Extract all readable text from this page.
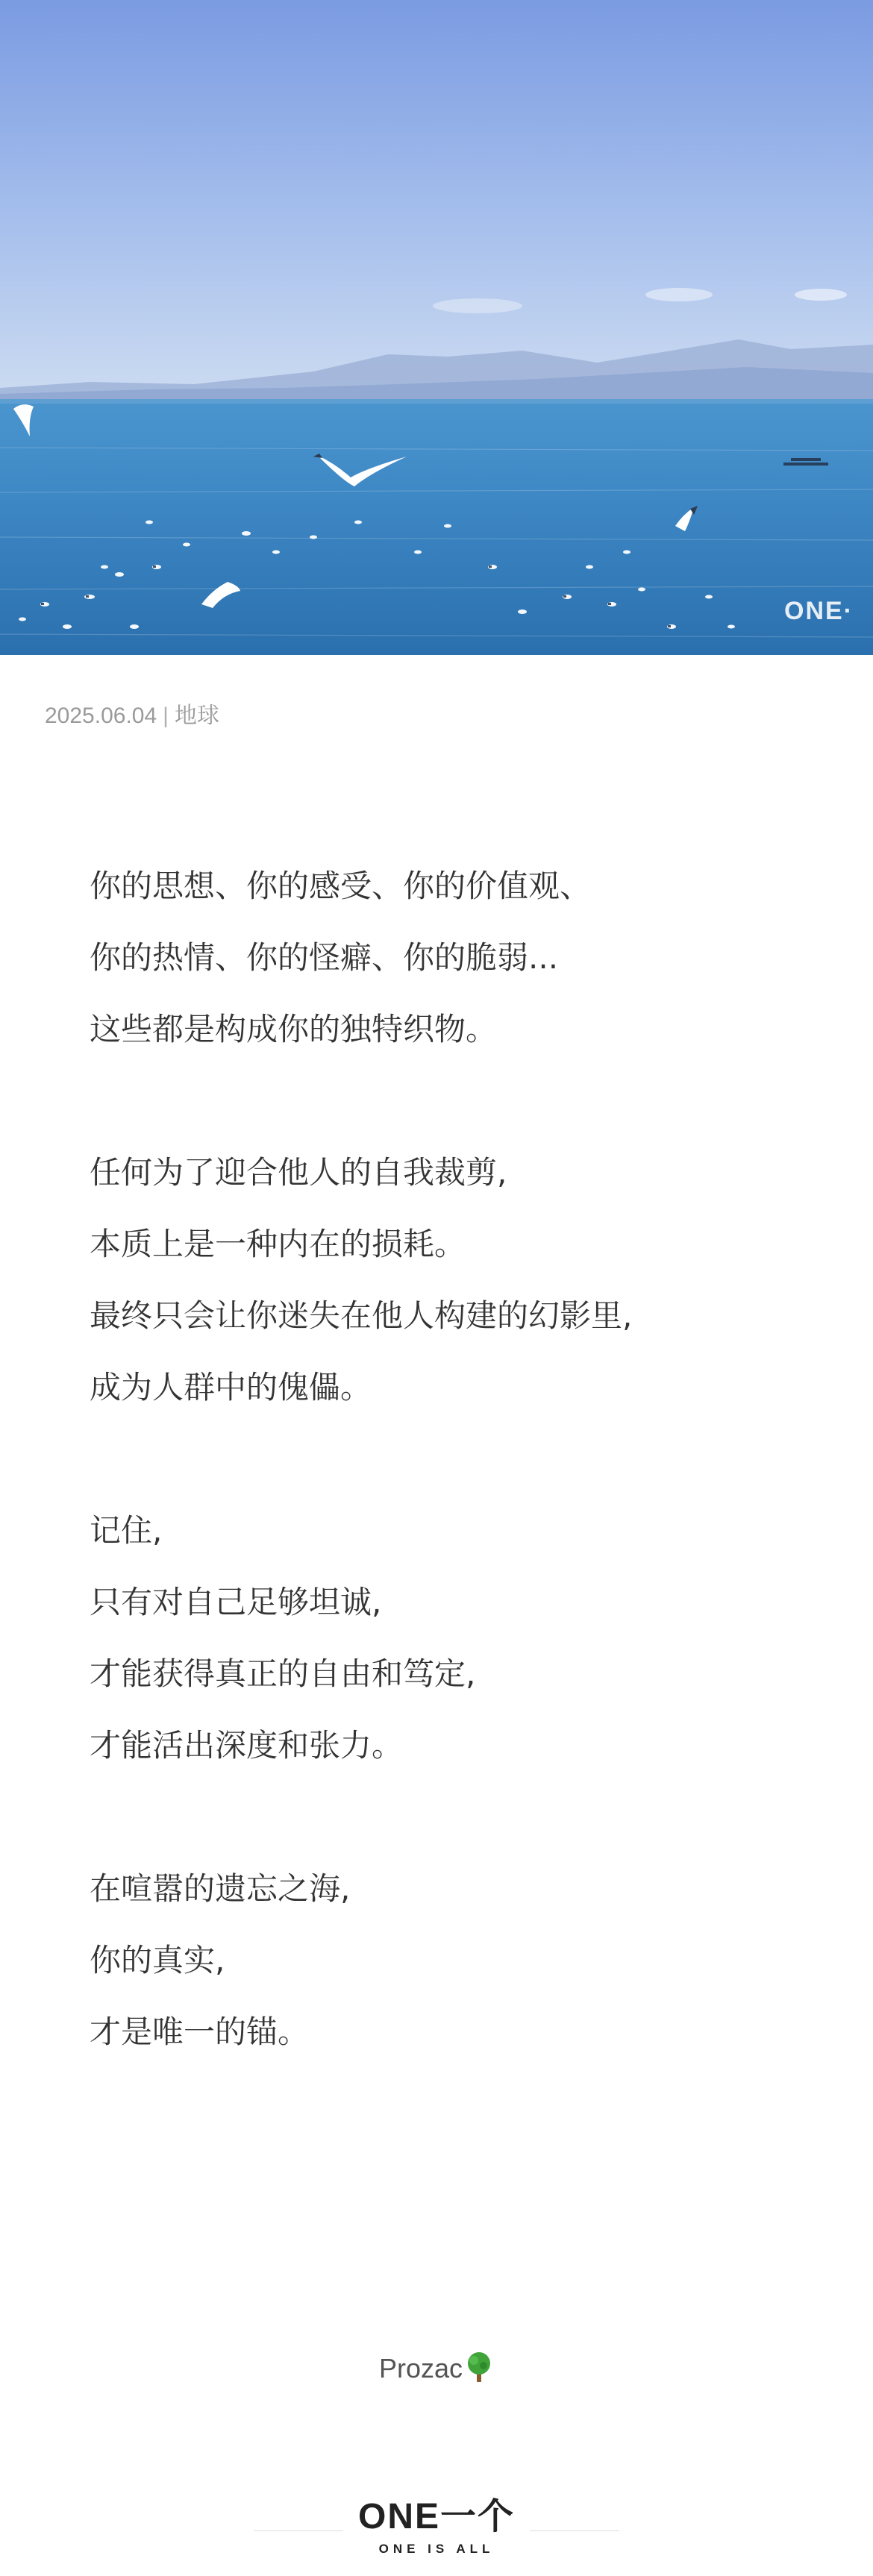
ONE·
2025.06.04 | 地球
你的思想、你的感受、你的价值观、
你的热情、你的怪癖、你的脆弱...
这些都是构成你的独特织物。
任何为了迎合他人的自我裁剪,
本质上是一种内在的损耗。
最终只会让你迷失在他人构建的幻影里,
成为人群中的傀儡。
记住,
只有对自己足够坦诚,
才能获得真正的自由和笃定,
才能活出深度和张力。
在喧嚣的遗忘之海,
你的真实,
才是唯一的锚。
Prozac
ONE一个
ONE IS ALL
